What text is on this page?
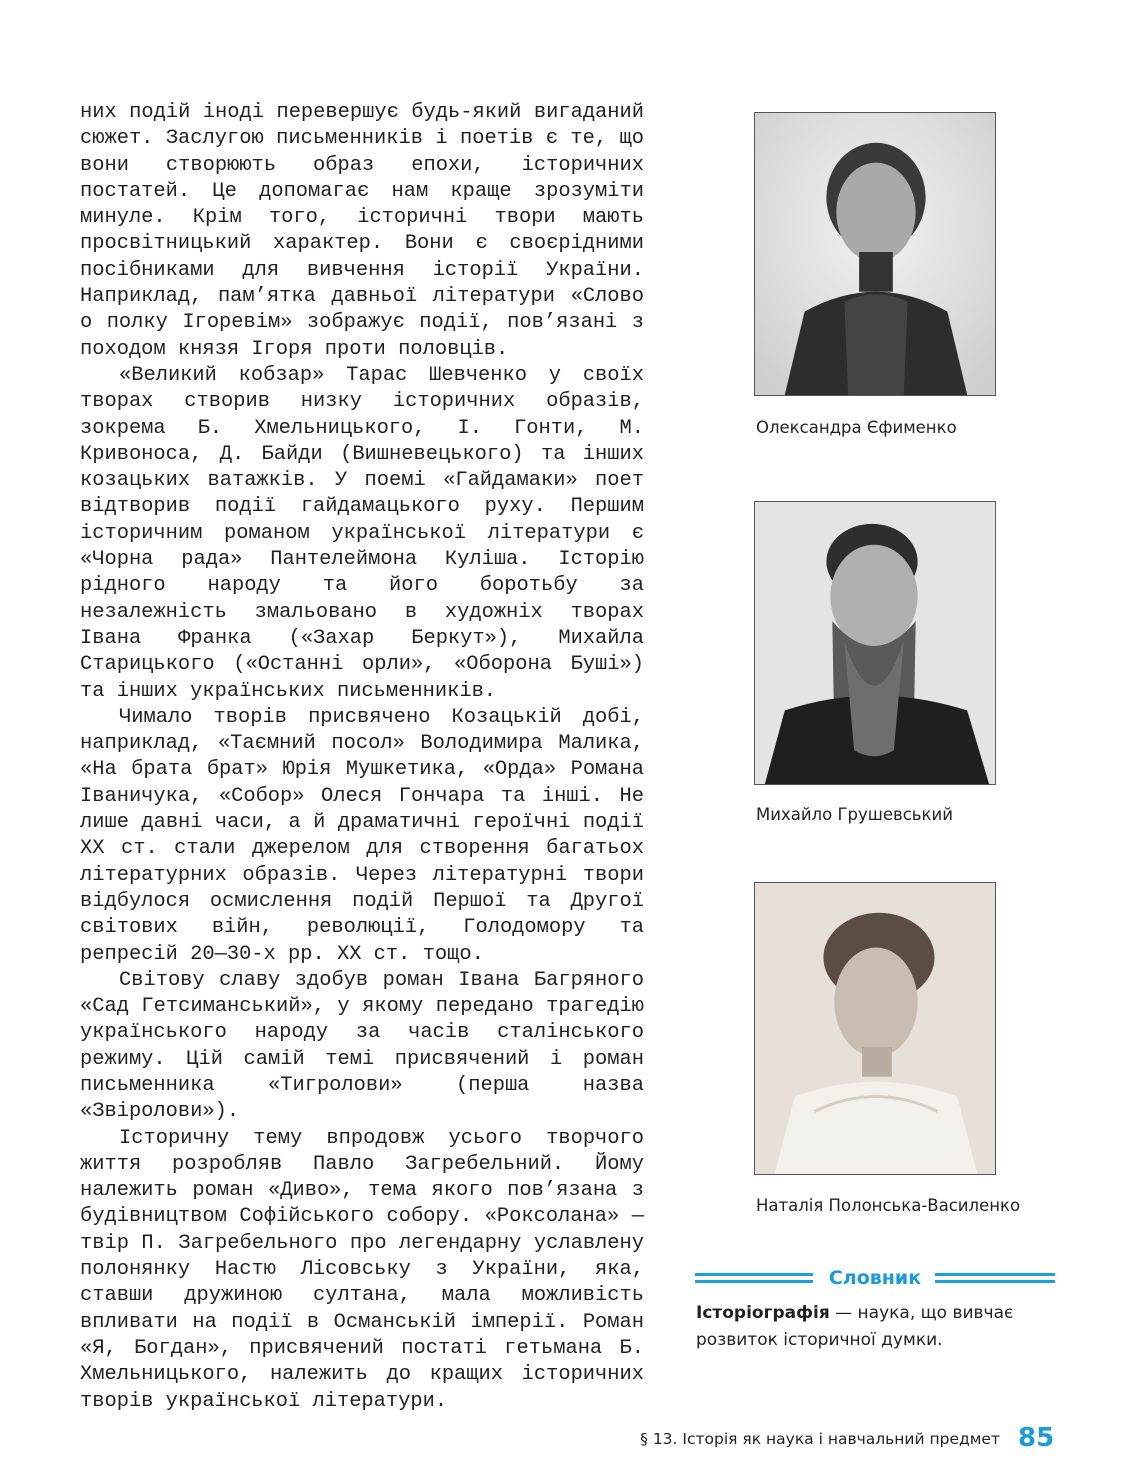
них подій іноді перевершує будь-який вигаданий сюжет. Заслугою письменників і поетів є те, що вони створюють образ епохи, історичних постатей. Це допомагає нам краще зрозуміти минуле. Крім того, історичні твори мають просвітницький характер. Вони є своєрідними посібниками для вивчення історії України. Наприклад, пам’ятка давньої літератури «Слово о полку Ігоревім» зображує події, пов’язані з походом князя Ігоря проти половців.

«Великий кобзар» Тарас Шевченко у своїх творах створив низку історичних образів, зокрема Б. Хмельницького, І. Гонти, М. Кривоноса, Д. Байди (Вишневецького) та інших козацьких ватажків. У поемі «Гайдамаки» поет відтворив події гайдамацького руху. Першим історичним романом української літератури є «Чорна рада» Пантелеймона Куліша. Історію рідного народу та його боротьбу за незалежність змальовано в художніх творах Івана Франка («Захар Беркут»), Михайла Старицького («Останні орли», «Оборона Буші») та інших українських письменників.

Чимало творів присвячено Козацькій добі, наприклад, «Таємний посол» Володимира Малика, «На брата брат» Юрія Мушкетика, «Орда» Романа Іваничука, «Собор» Олеся Гончара та інші. Не лише давні часи, а й драматичні героїчні події XX ст. стали джерелом для створення багатьох літературних образів. Через літературні твори відбулося осмислення подій Першої та Другої світових війн, революції, Голодомору та репресій 20—30-х рр. XX ст. тощо.

Світову славу здобув роман Івана Багряного «Сад Гетсиманський», у якому передано трагедію українського народу за часів сталінського режиму. Цій самій темі присвячений і роман письменника «Тигролови» (перша назва «Звіролови»).

Історичну тему впродовж усього творчого життя розробляв Павло Загребельний. Йому належить роман «Диво», тема якого пов’язана з будівництвом Софійського собору. «Роксолана» — твір П. Загребельного про легендарну уславлену полонянку Настю Лісовську з України, яка, ставши дружиною султана, мала можливість впливати на події в Османській імперії. Роман «Я, Богдан», присвячений постаті гетьмана Б. Хмельницького, належить до кращих історичних творів української літератури.

Олександра Єфименко
Михайло Грушевський
Наталія Полонська-Василенко
Словник
Історіографія — наука, що вивчає розвиток історичної думки.
§ 13. Історія як наука і навчальний предмет 85
